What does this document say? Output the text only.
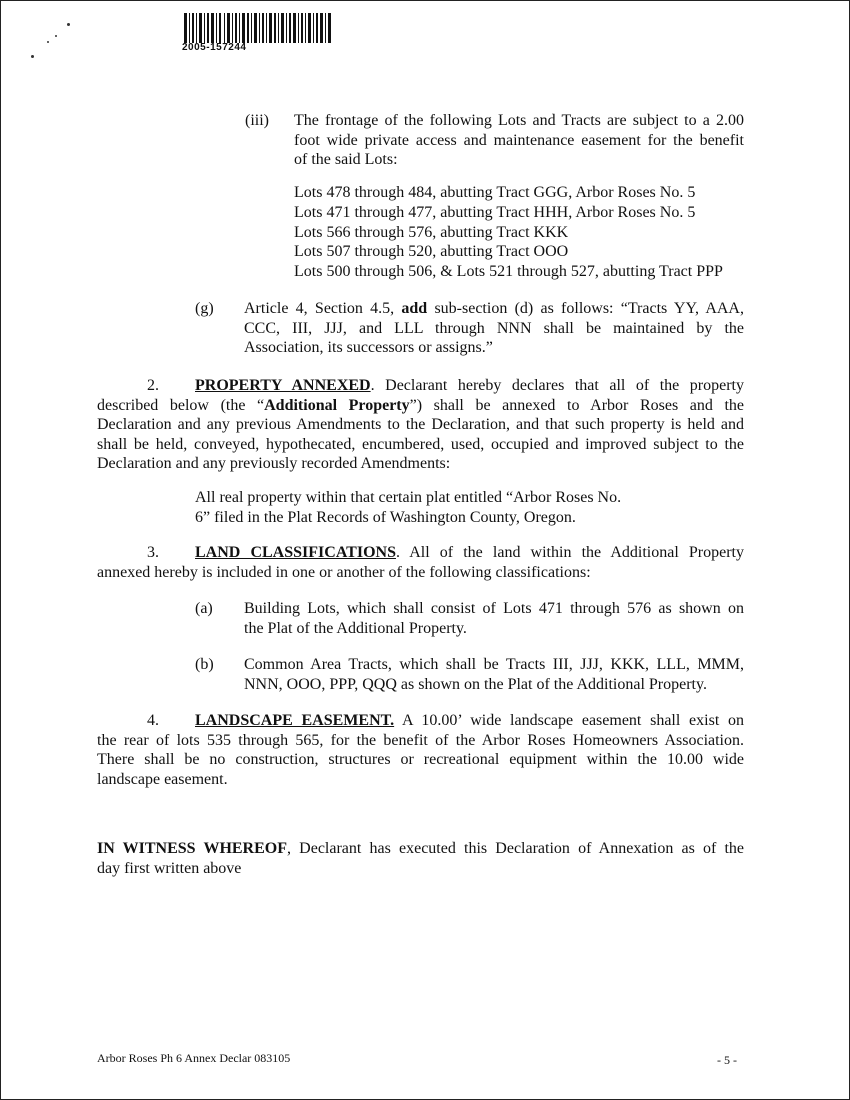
2005-157244
(iii) The frontage of the following Lots and Tracts are subject to a 2.00
foot wide private access and maintenance easement for the benefit
of the said Lots:
Lots 478 through 484, abutting Tract GGG, Arbor Roses No. 5
Lots 471 through 477, abutting Tract HHH, Arbor Roses No. 5
Lots 566 through 576, abutting Tract KKK
Lots 507 through 520, abutting Tract OOO
Lots 500 through 506, & Lots 521 through 527, abutting Tract PPP
(g) Article 4, Section 4.5, add sub-section (d) as follows: “Tracts YY, AAA,
CCC, III, JJJ, and LLL through NNN shall be maintained by the
Association, its successors or assigns.”
2.	PROPERTY ANNEXED. Declarant hereby declares that all of the property
described below (the “Additional Property”) shall be annexed to Arbor Roses and the
Declaration and any previous Amendments to the Declaration, and that such property is held and
shall be held, conveyed, hypothecated, encumbered, used, occupied and improved subject to the
Declaration and any previously recorded Amendments:
All real property within that certain plat entitled “Arbor Roses No.
6” filed in the Plat Records of Washington County, Oregon.
3.	LAND CLASSIFICATIONS. All of the land within the Additional Property
annexed hereby is included in one or another of the following classifications:
(a) Building Lots, which shall consist of Lots 471 through 576 as shown on
the Plat of the Additional Property.
(b) Common Area Tracts, which shall be Tracts III, JJJ, KKK, LLL, MMM,
NNN, OOO, PPP, QQQ as shown on the Plat of the Additional Property.
4.	LANDSCAPE EASEMENT. A 10.00’ wide landscape easement shall exist on
the rear of lots 535 through 565, for the benefit of the Arbor Roses Homeowners Association.
There shall be no construction, structures or recreational equipment within the 10.00 wide
landscape easement.
IN WITNESS WHEREOF, Declarant has executed this Declaration of Annexation as of the
day first written above
Arbor Roses Ph 6 Annex Declar 083105	- 5 -
